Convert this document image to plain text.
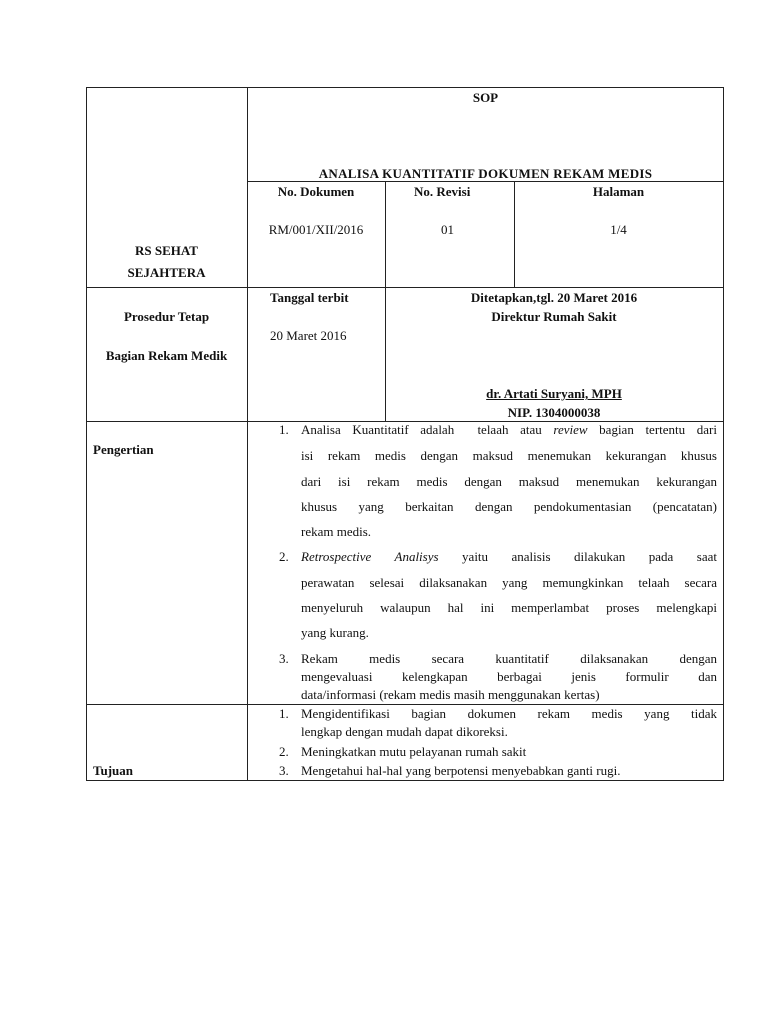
SOP
ANALISA KUANTITATIF DOKUMEN REKAM MEDIS
RS SEHAT
SEJAHTERA
No. Dokumen
RM/001/XII/2016
No. Revisi
01
Halaman
1/4
Prosedur Tetap
Bagian Rekam Medik
Tanggal terbit
20 Maret 2016
Ditetapkan,tgl. 20 Maret 2016
Direktur Rumah Sakit
dr. Artati Suryani, MPH
NIP. 1304000038
Pengertian
1. Analisa Kuantitatif adalah  telaah atau review bagian tertentu dari
isi rekam medis dengan maksud menemukan kekurangan khusus
dari isi rekam medis dengan maksud menemukan kekurangan
khusus yang berkaitan dengan pendokumentasian (pencatatan)
rekam medis.
2. Retrospective Analisys yaitu analisis dilakukan pada saat
perawatan selesai dilaksanakan yang memungkinkan telaah secara
menyeluruh walaupun hal ini memperlambat proses melengkapi
yang kurang.
3. Rekam medis secara kuantitatif dilaksanakan dengan
mengevaluasi kelengkapan berbagai jenis formulir dan
data/informasi (rekam medis masih menggunakan kertas)
Tujuan
1. Mengidentifikasi bagian dokumen rekam medis yang tidak
lengkap dengan mudah dapat dikoreksi.
2. Meningkatkan mutu pelayanan rumah sakit
3. Mengetahui hal-hal yang berpotensi menyebabkan ganti rugi.
